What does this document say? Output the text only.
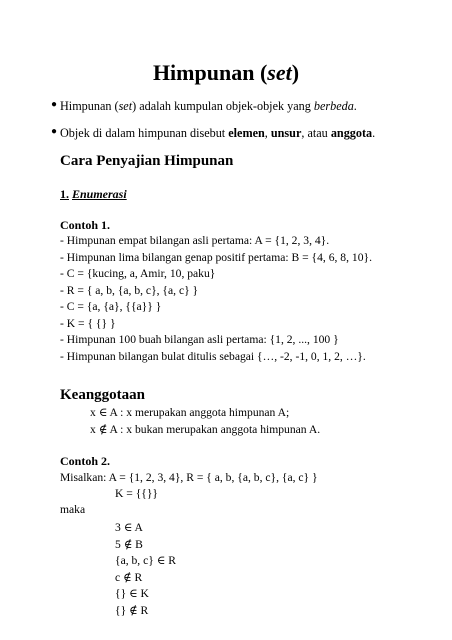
Himpunan (set)
● Himpunan (set) adalah kumpulan objek-objek yang berbeda.
● Objek di dalam himpunan disebut elemen, unsur, atau anggota.
Cara Penyajian Himpunan
1. Enumerasi
Contoh 1.
- Himpunan empat bilangan asli pertama: A = {1, 2, 3, 4}.
- Himpunan lima bilangan genap positif pertama: B = {4, 6, 8, 10}.
- C = {kucing, a, Amir, 10, paku}
- R = { a, b, {a, b, c}, {a, c} }
- C = {a, {a}, {{a}} }
- K = { {} }
- Himpunan 100 buah bilangan asli pertama: {1, 2, ..., 100 }
- Himpunan bilangan bulat ditulis sebagai {…, -2, -1, 0, 1, 2, …}.
Keanggotaan
x ∈ A : x merupakan anggota himpunan A;
x ∉ A : x bukan merupakan anggota himpunan A.
Contoh 2.
Misalkan: A = {1, 2, 3, 4}, R = { a, b, {a, b, c}, {a, c} }
K = {{}}
maka
3 ∈ A
5 ∉ B
{a, b, c} ∈ R
c ∉ R
{} ∈ K
{} ∉ R
